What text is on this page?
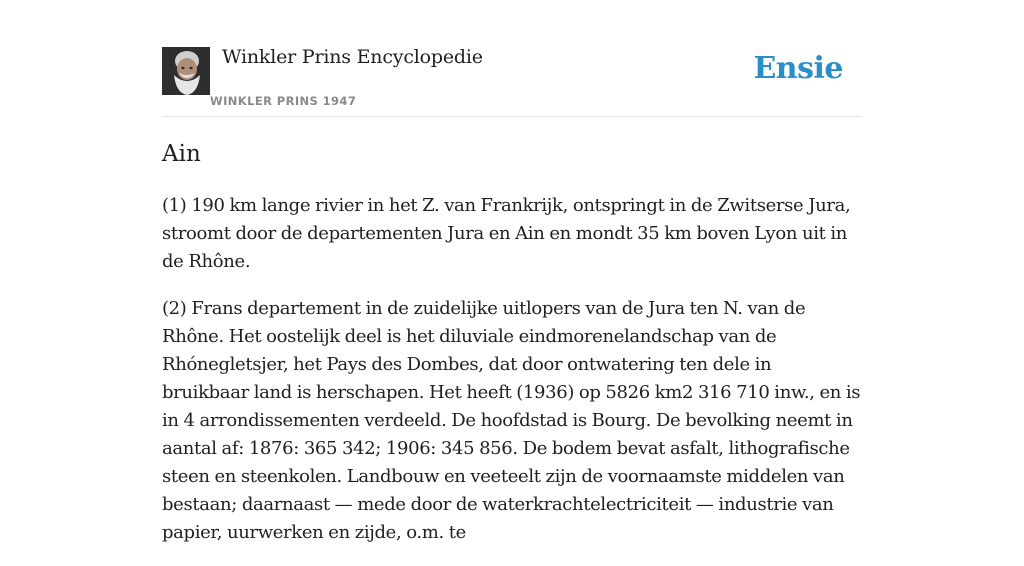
Winkler Prins Encyclopedie
WINKLER PRINS 1947
Ensie
Ain

(1) 190 km lange rivier in het Z. van Frankrijk, ontspringt in de Zwitserse Jura, stroomt door de departementen Jura en Ain en mondt 35 km boven Lyon uit in de Rhône.

(2) Frans departement in de zuidelijke uitlopers van de Jura ten N. van de Rhône. Het oostelijk deel is het diluviale eindmorenelandschap van de Rhónegletsjer, het Pays des Dombes, dat door ontwatering ten dele in bruikbaar land is herschapen. Het heeft (1936) op 5826 km2 316 710 inw., en is in 4 arrondissementen verdeeld. De hoofdstad is Bourg. De bevolking neemt in aantal af: 1876: 365 342; 1906: 345 856. De bodem bevat asfalt, lithografische steen en steenkolen. Landbouw en veeteelt zijn de voornaamste middelen van bestaan; daarnaast — mede door de waterkrachtelectriciteit — industrie van papier, uurwerken en zijde, o.m. te
